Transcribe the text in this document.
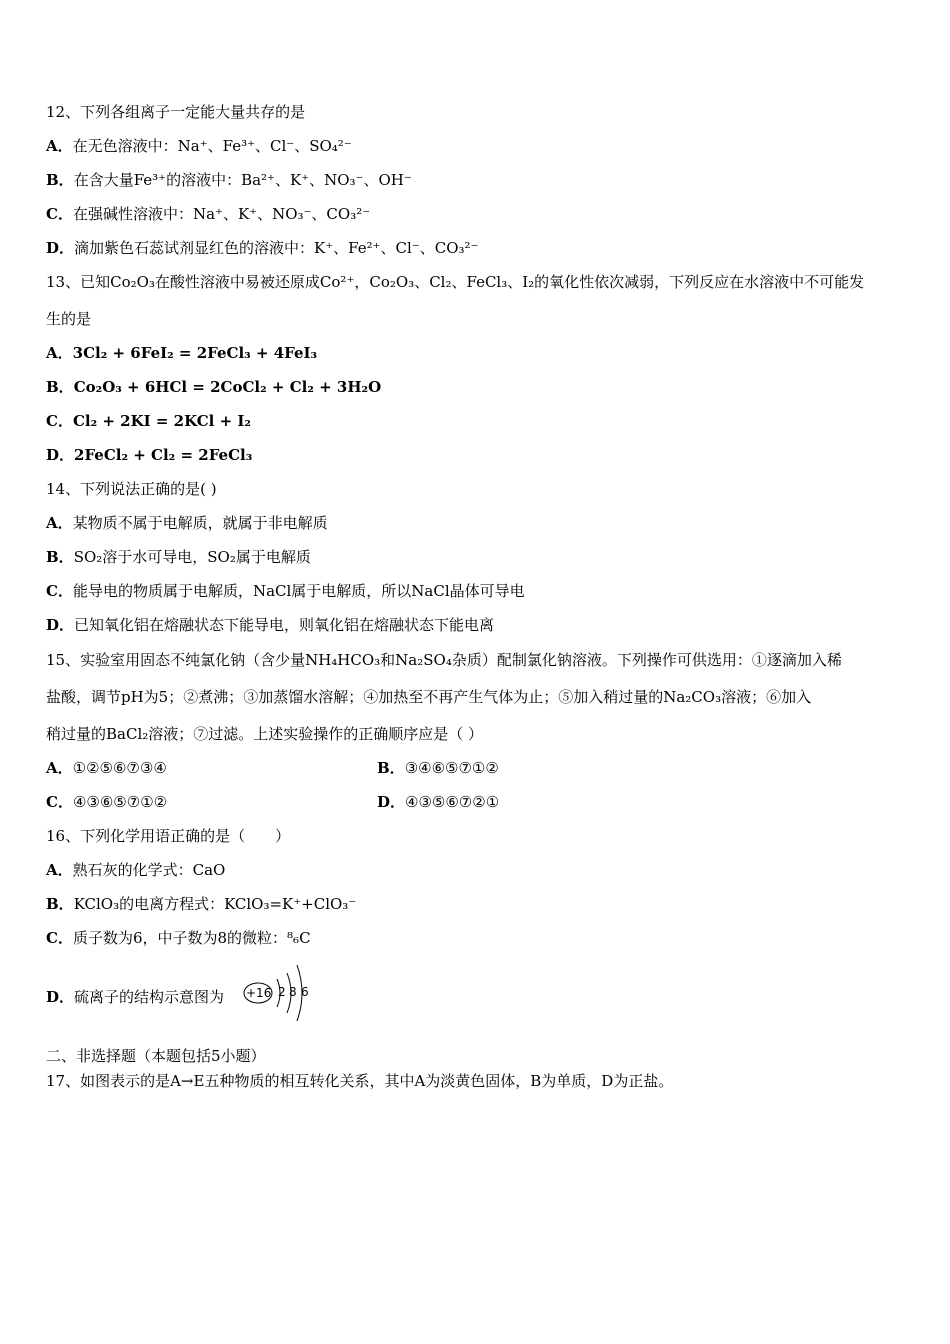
12、下列各组离子一定能大量共存的是
A．在无色溶液中：Na⁺、Fe³⁺、Cl⁻、SO₄²⁻
B．在含大量Fe³⁺的溶液中：Ba²⁺、K⁺、NO₃⁻、OH⁻
C．在强碱性溶液中：Na⁺、K⁺、NO₃⁻、CO₃²⁻
D．滴加紫色石蕊试剂显红色的溶液中：K⁺、Fe²⁺、Cl⁻、CO₃²⁻
13、已知Co₂O₃在酸性溶液中易被还原成Co²⁺，Co₂O₃、Cl₂、FeCl₃、I₂的氧化性依次减弱，下列反应在水溶液中不可能发
生的是
A．3Cl₂ + 6FeI₂ = 2FeCl₃ + 4FeI₃
B．Co₂O₃ + 6HCl = 2CoCl₂ + Cl₂ + 3H₂O
C．Cl₂ + 2KI = 2KCl + I₂
D．2FeCl₂ + Cl₂ = 2FeCl₃
14、下列说法正确的是( )
A．某物质不属于电解质，就属于非电解质
B．SO₂溶于水可导电，SO₂属于电解质
C．能导电的物质属于电解质，NaCl属于电解质，所以NaCl晶体可导电
D．已知氧化铝在熔融状态下能导电，则氧化铝在熔融状态下能电离
15、实验室用固态不纯氯化钠（含少量NH₄HCO₃和Na₂SO₄杂质）配制氯化钠溶液。下列操作可供选用：①逐滴加入稀
盐酸，调节pH为5；②煮沸；③加蒸馏水溶解；④加热至不再产生气体为止；⑤加入稍过量的Na₂CO₃溶液；⑥加入
稍过量的BaCl₂溶液；⑦过滤。上述实验操作的正确顺序应是（ ）
A．①②⑤⑥⑦③④	B．③④⑥⑤⑦①②
C．④③⑥⑤⑦①②	D．④③⑤⑥⑦②①
16、下列化学用语正确的是（　　）
A．熟石灰的化学式：CaO
B．KClO₃的电离方程式：KClO₃=K⁺+ClO₃⁻
C．质子数为6，中子数为8的微粒：⁸₆C
D．硫离子的结构示意图为 +16 2 8 6
二、非选择题（本题包括5小题）
17、如图表示的是A→E五种物质的相互转化关系，其中A为淡黄色固体，B为单质，D为正盐。
